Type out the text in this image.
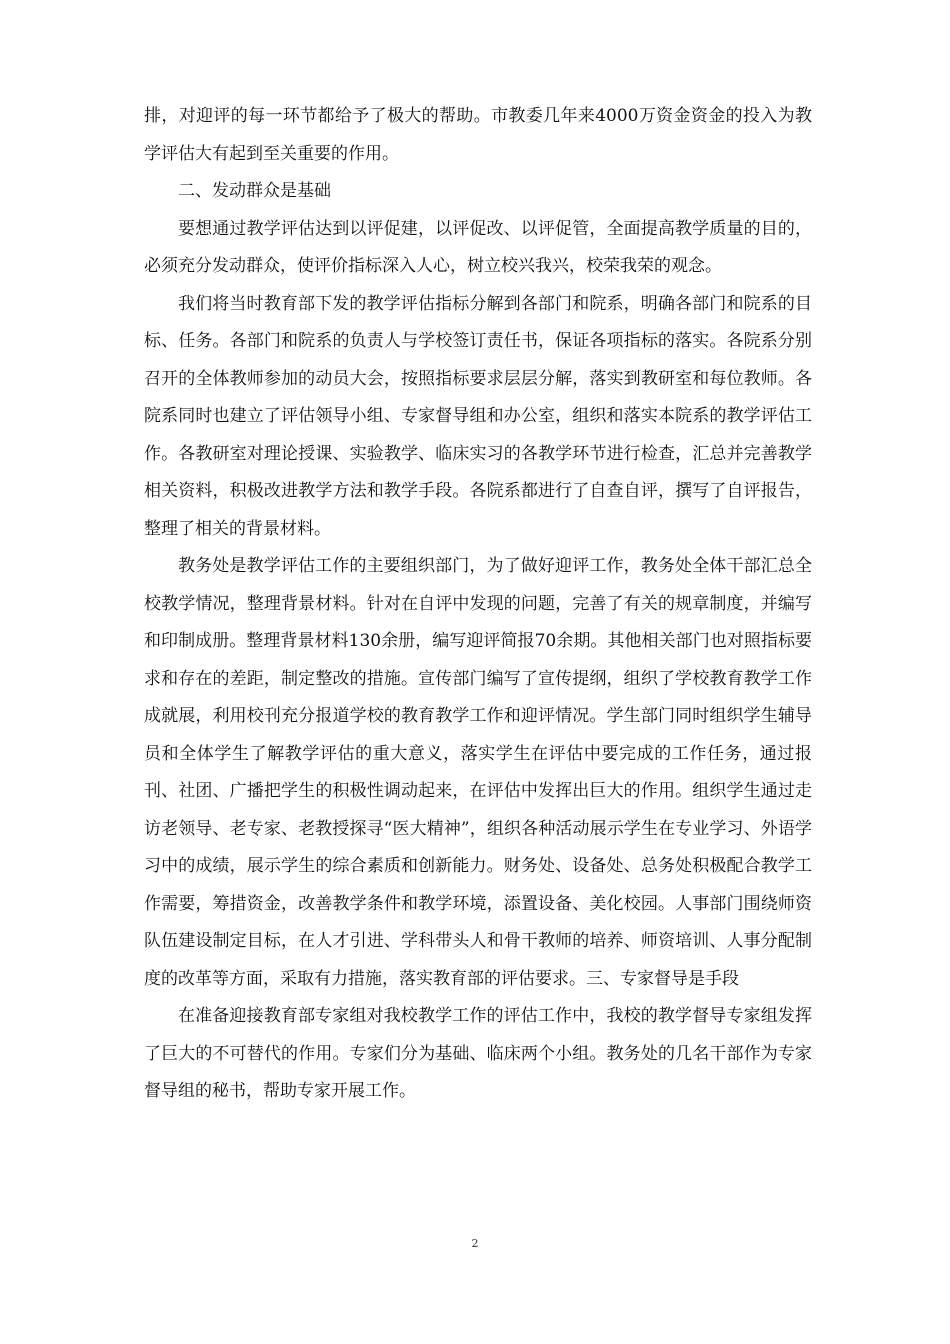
排，对迎评的每一环节都给予了极大的帮助。市教委几年来4000万资金资金的投入为教学评估大有起到至关重要的作用。

二、发动群众是基础

要想通过教学评估达到以评促建，以评促改、以评促管，全面提高教学质量的目的，必须充分发动群众，使评价指标深入人心，树立校兴我兴，校荣我荣的观念。

我们将当时教育部下发的教学评估指标分解到各部门和院系，明确各部门和院系的目标、任务。各部门和院系的负责人与学校签订责任书，保证各项指标的落实。各院系分别召开的全体教师参加的动员大会，按照指标要求层层分解，落实到教研室和每位教师。各院系同时也建立了评估领导小组、专家督导组和办公室，组织和落实本院系的教学评估工作。各教研室对理论授课、实验教学、临床实习的各教学环节进行检查，汇总并完善教学相关资料，积极改进教学方法和教学手段。各院系都进行了自查自评，撰写了自评报告，整理了相关的背景材料。

教务处是教学评估工作的主要组织部门，为了做好迎评工作，教务处全体干部汇总全校教学情况，整理背景材料。针对在自评中发现的问题，完善了有关的规章制度，并编写和印制成册。整理背景材料130余册，编写迎评简报70余期。其他相关部门也对照指标要求和存在的差距，制定整改的措施。宣传部门编写了宣传提纲，组织了学校教育教学工作成就展，利用校刊充分报道学校的教育教学工作和迎评情况。学生部门同时组织学生辅导员和全体学生了解教学评估的重大意义，落实学生在评估中要完成的工作任务，通过报刊、社团、广播把学生的积极性调动起来，在评估中发挥出巨大的作用。组织学生通过走访老领导、老专家、老教授探寻“医大精神”，组织各种活动展示学生在专业学习、外语学习中的成绩，展示学生的综合素质和创新能力。财务处、设备处、总务处积极配合教学工作需要，筹措资金，改善教学条件和教学环境，添置设备、美化校园。人事部门围绕师资队伍建设制定目标，在人才引进、学科带头人和骨干教师的培养、师资培训、人事分配制度的改革等方面，采取有力措施，落实教育部的评估要求。三、专家督导是手段

在准备迎接教育部专家组对我校教学工作的评估工作中，我校的教学督导专家组发挥了巨大的不可替代的作用。专家们分为基础、临床两个小组。教务处的几名干部作为专家督导组的秘书，帮助专家开展工作。

2
